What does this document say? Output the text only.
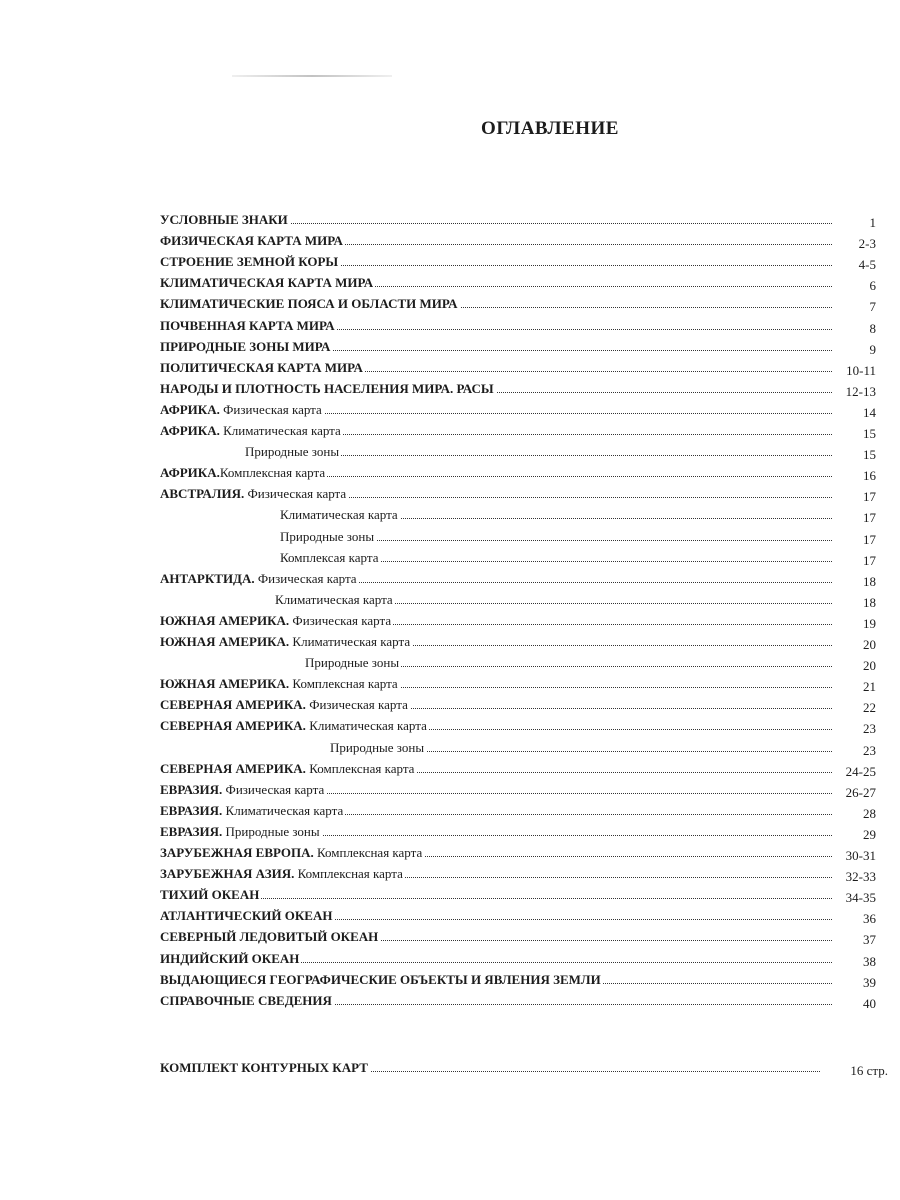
ОГЛАВЛЕНИЕ
УСЛОВНЫЕ ЗНАКИ	1
ФИЗИЧЕСКАЯ КАРТА МИРА	2-3
СТРОЕНИЕ ЗЕМНОЙ КОРЫ	4-5
КЛИМАТИЧЕСКАЯ КАРТА МИРА	6
КЛИМАТИЧЕСКИЕ ПОЯСА И ОБЛАСТИ МИРА	7
ПОЧВЕННАЯ КАРТА МИРА	8
ПРИРОДНЫЕ ЗОНЫ МИРА	9
ПОЛИТИЧЕСКАЯ КАРТА МИРА	10-11
НАРОДЫ И ПЛОТНОСТЬ НАСЕЛЕНИЯ МИРА. РАСЫ	12-13
АФРИКА. Физическая карта	14
АФРИКА. Климатическая карта	15
Природные зоны	15
АФРИКА.Комплексная карта	16
АВСТРАЛИЯ. Физическая карта	17
Климатическая карта	17
Природные зоны	17
Комплексая карта	17
АНТАРКТИДА. Физическая карта	18
Климатическая карта	18
ЮЖНАЯ АМЕРИКА. Физическая карта	19
ЮЖНАЯ АМЕРИКА. Климатическая карта	20
Природные зоны	20
ЮЖНАЯ АМЕРИКА. Комплексная карта	21
СЕВЕРНАЯ АМЕРИКА. Физическая карта	22
СЕВЕРНАЯ АМЕРИКА. Климатическая карта	23
Природные зоны	23
СЕВЕРНАЯ АМЕРИКА. Комплексная карта	24-25
ЕВРАЗИЯ. Физическая карта	26-27
ЕВРАЗИЯ. Климатическая карта	28
ЕВРАЗИЯ. Природные зоны	29
ЗАРУБЕЖНАЯ ЕВРОПА. Комплексная карта	30-31
ЗАРУБЕЖНАЯ АЗИЯ. Комплексная карта	32-33
ТИХИЙ ОКЕАН	34-35
АТЛАНТИЧЕСКИЙ ОКЕАН	36
СЕВЕРНЫЙ ЛЕДОВИТЫЙ ОКЕАН	37
ИНДИЙСКИЙ ОКЕАН	38
ВЫДАЮЩИЕСЯ ГЕОГРАФИЧЕСКИЕ ОБЪЕКТЫ И ЯВЛЕНИЯ ЗЕМЛИ	39
СПРАВОЧНЫЕ СВЕДЕНИЯ	40
КОМПЛЕКТ КОНТУРНЫХ КАРТ	16 стр.
